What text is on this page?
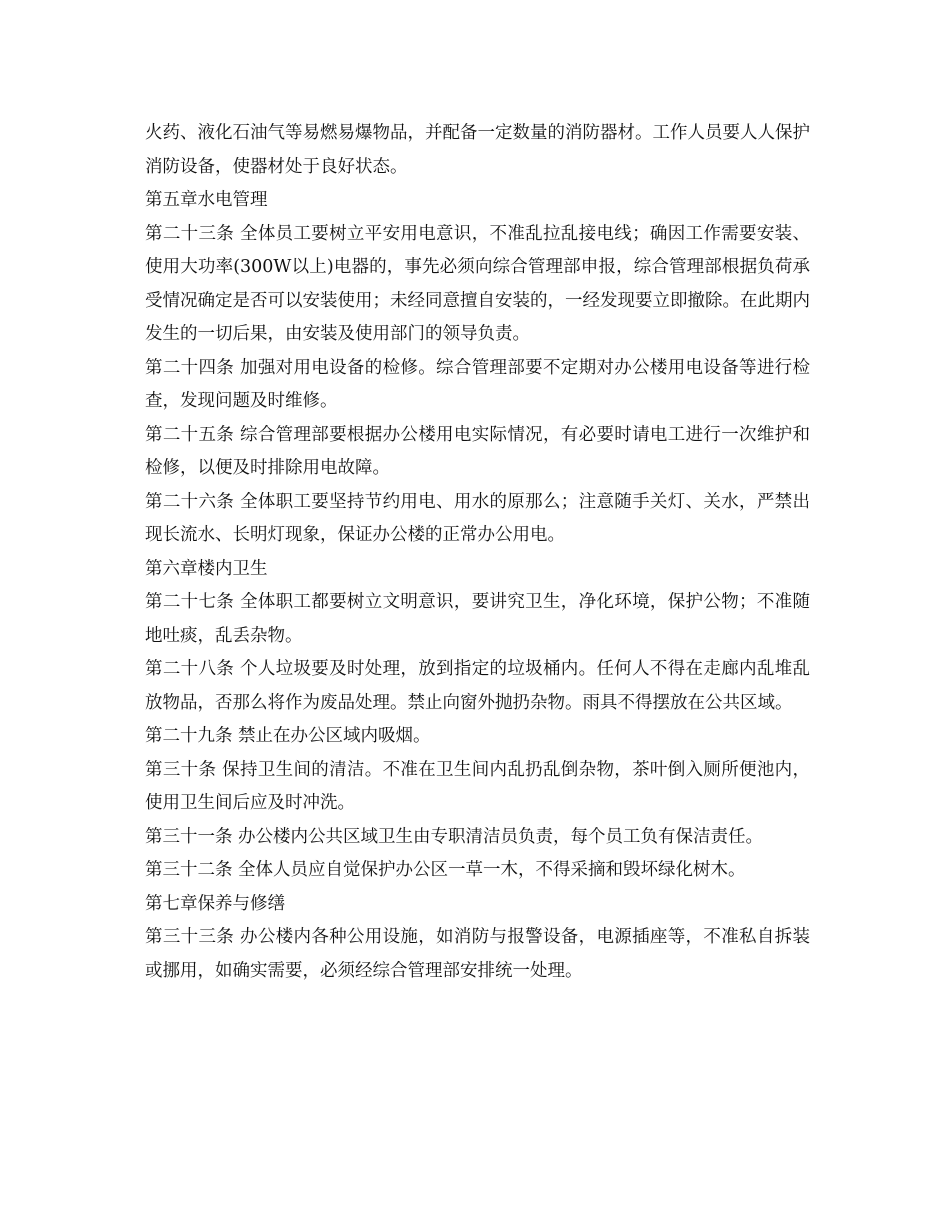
火药、液化石油气等易燃易爆物品，并配备一定数量的消防器材。工作人员要人人保护消防设备，使器材处于良好状态。

第五章水电管理

第二十三条 全体员工要树立平安用电意识，不准乱拉乱接电线；确因工作需要安装、使用大功率(300W以上)电器的，事先必须向综合管理部申报，综合管理部根据负荷承受情况确定是否可以安装使用；未经同意擅自安装的，一经发现要立即撤除。在此期内发生的一切后果，由安装及使用部门的领导负责。

第二十四条 加强对用电设备的检修。综合管理部要不定期对办公楼用电设备等进行检查，发现问题及时维修。

第二十五条 综合管理部要根据办公楼用电实际情况，有必要时请电工进行一次维护和检修，以便及时排除用电故障。

第二十六条 全体职工要坚持节约用电、用水的原那么；注意随手关灯、关水，严禁出现长流水、长明灯现象，保证办公楼的正常办公用电。

第六章楼内卫生

第二十七条 全体职工都要树立文明意识，要讲究卫生，净化环境，保护公物；不准随地吐痰，乱丢杂物。

第二十八条 个人垃圾要及时处理，放到指定的垃圾桶内。任何人不得在走廊内乱堆乱放物品，否那么将作为废品处理。禁止向窗外抛扔杂物。雨具不得摆放在公共区域。

第二十九条 禁止在办公区域内吸烟。

第三十条 保持卫生间的清洁。不准在卫生间内乱扔乱倒杂物，茶叶倒入厕所便池内，使用卫生间后应及时冲洗。

第三十一条 办公楼内公共区域卫生由专职清洁员负责，每个员工负有保洁责任。

第三十二条 全体人员应自觉保护办公区一草一木，不得采摘和毁坏绿化树木。

第七章保养与修缮

第三十三条 办公楼内各种公用设施，如消防与报警设备，电源插座等，不准私自拆装或挪用，如确实需要，必须经综合管理部安排统一处理。
